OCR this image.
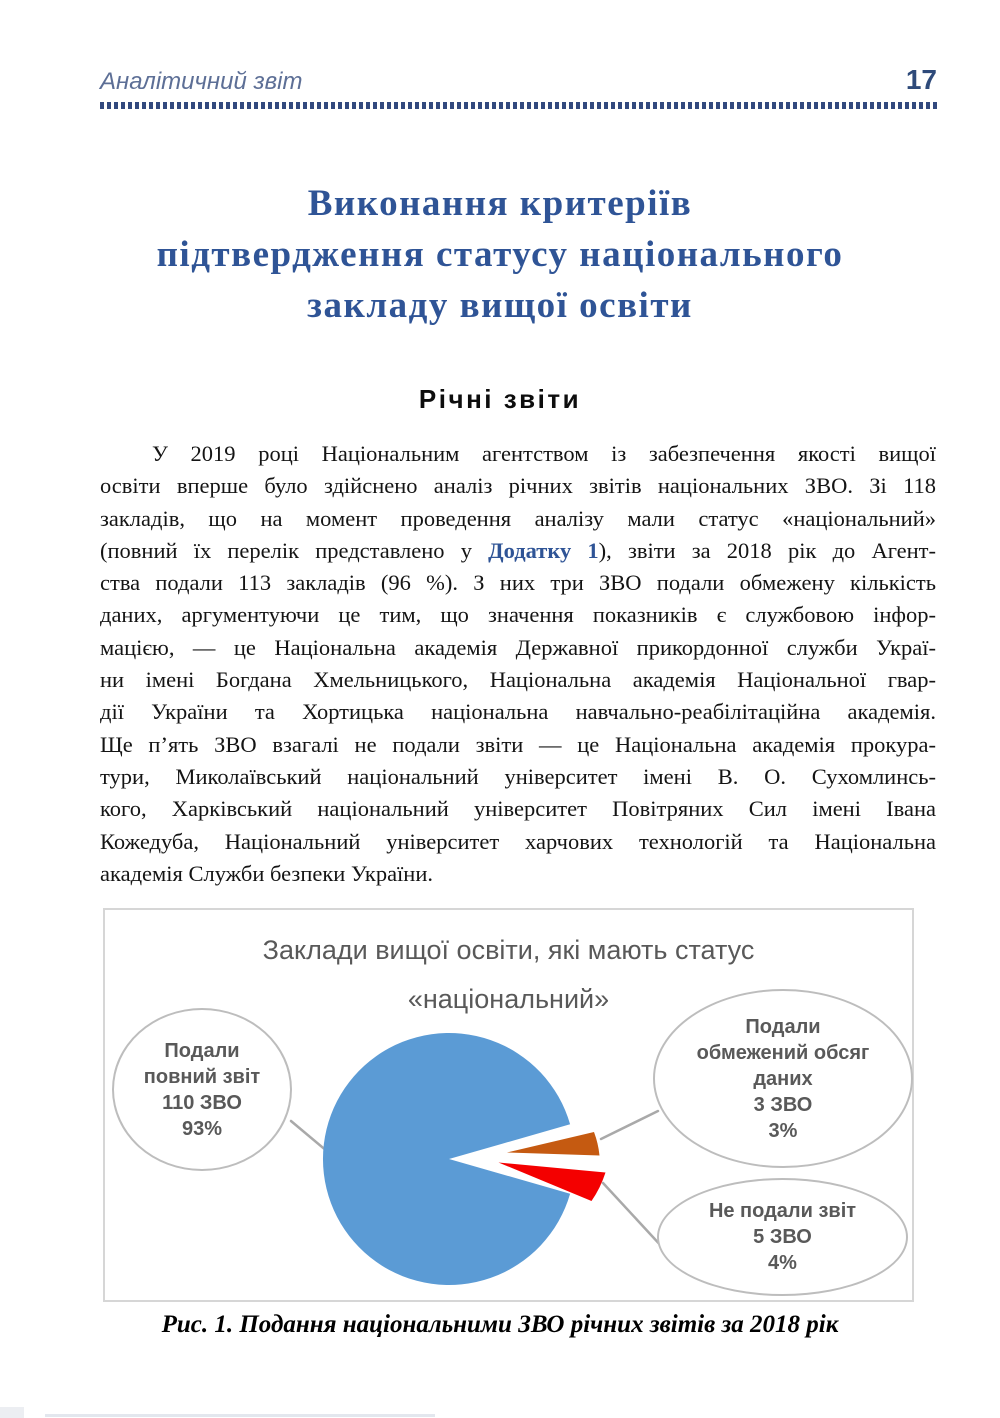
Аналітичний звіт	17
Виконання критеріїв
підтвердження статусу національного
закладу вищої освіти
Річні звіти
У 2019 році Національним агентством із забезпечення якості вищої
освіти вперше було здійснено аналіз річних звітів національних ЗВО. Зі 118
закладів, що на момент проведення аналізу мали статус «національний»
(повний їх перелік представлено у Додатку 1), звіти за 2018 рік до Агент-
ства подали 113 закладів (96 %). З них три ЗВО подали обмежену кількість
даних, аргументуючи це тим, що значення показників є службовою інфор-
мацією, — це Національна академія Державної прикордонної служби Украї-
ни імені Богдана Хмельницького, Національна академія Національної гвар-
дії України та Хортицька національна навчально-реабілітаційна академія.
Ще п’ять ЗВО взагалі не подали звіти — це Національна академія прокура-
тури, Миколаївський національний університет імені В. О. Сухомлинсь-
кого, Харківський національний університет Повітряних Сил імені Івана
Кожедуба, Національний університет харчових технологій та Національна
академія Служби безпеки України.
Заклади вищої освіти, які мають статус
«національний»
Подали
повний звіт
110 ЗВО
93%
Подали
обмежений обсяг
даних
3 ЗВО
3%
Не подали звіт
5 ЗВО
4%
Рис. 1. Подання національними ЗВО річних звітів за 2018 рік
